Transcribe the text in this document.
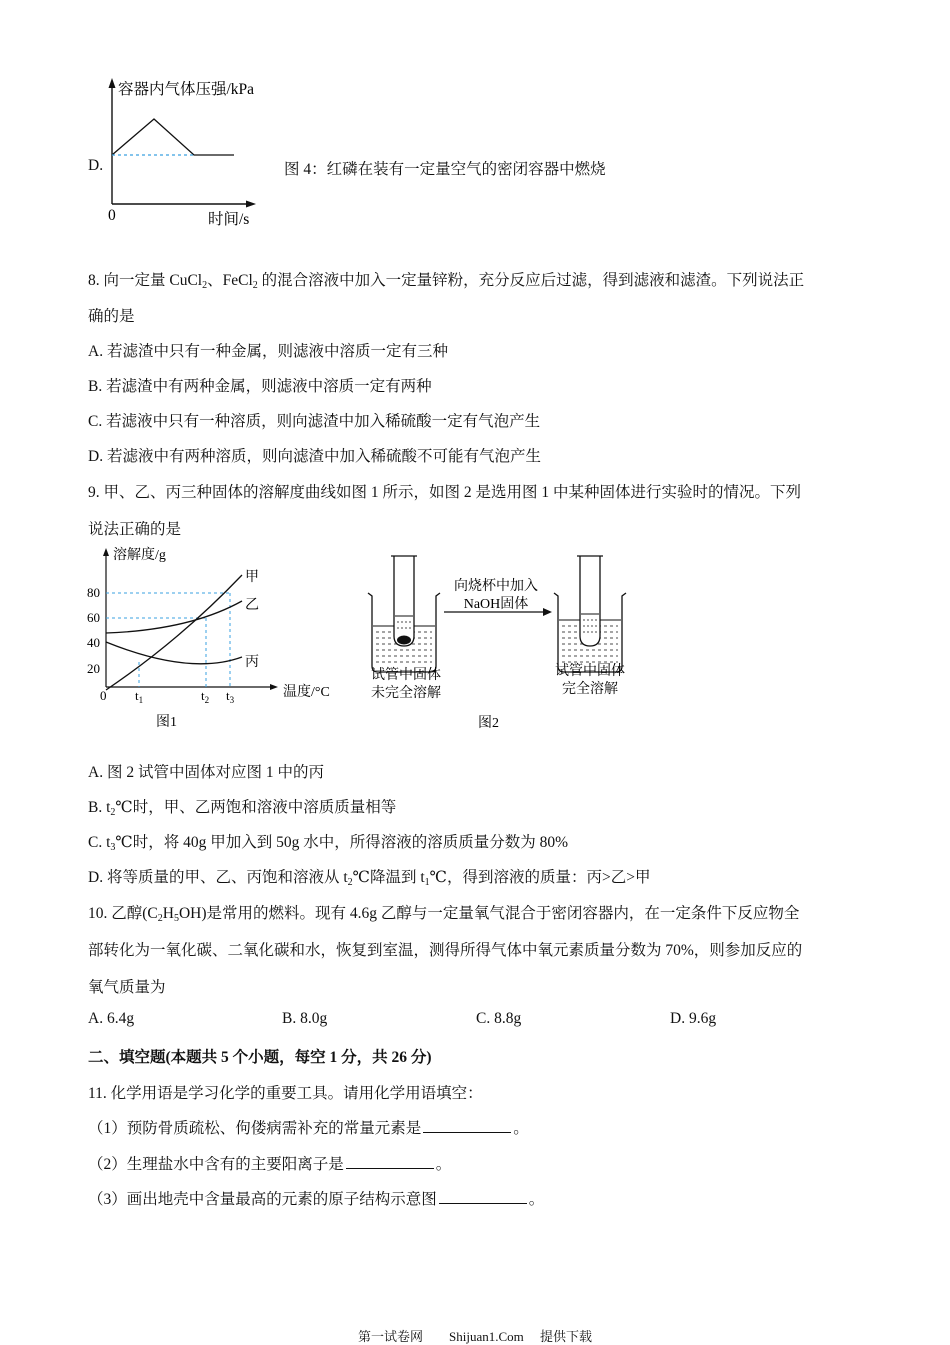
D.
容器内气体压强/kPa
0	时间/s
图 4：红磷在装有一定量空气的密闭容器中燃烧
8. 向一定量 CuCl$_2$、FeCl$_2$ 的混合溶液中加入一定量锌粉，充分反应后过滤，得到滤液和滤渣。下列说法正
确的是
A. 若滤渣中只有一种金属，则滤液中溶质一定有三种
B. 若滤渣中有两种金属，则滤液中溶质一定有两种
C. 若滤液中只有一种溶质，则向滤渣中加入稀硫酸一定有气泡产生
D. 若滤液中有两种溶质，则向滤渣中加入稀硫酸不可能有气泡产生
9. 甲、乙、丙三种固体的溶解度曲线如图 1 所示，如图 2 是选用图 1 中某种固体进行实验时的情况。下列
说法正确的是
溶解度/g
温度/°C
0
80
60
40
20
甲
乙
丙
$t_1$	$t_2$ $t_3$
图1
向烧杯中加入
NaOH固体
试管中固体
未完全溶解
试管中固体
完全溶解
图2
A. 图 2 试管中固体对应图 1 中的丙
B. $t_2℃$时，甲、乙两饱和溶液中溶质质量相等
C. $t_3℃$时，将 40g 甲加入到 50g 水中，所得溶液的溶质质量分数为 80%
D. 将等质量的甲、乙、丙饱和溶液从 $t_2℃$降温到 $t_1℃$，得到溶液的质量：丙>乙>甲
10. 乙醇$(C_2H_5OH)$是常用的燃料。现有 4.6g 乙醇与一定量氧气混合于密闭容器内，在一定条件下反应物全
部转化为一氧化碳、二氧化碳和水，恢复到室温，测得所得气体中氧元素质量分数为 70%，则参加反应的
氧气质量为
A. 6.4g	B. 8.0g	C. 8.8g	D. 9.6g
二、填空题(本题共 5 个小题，每空 1 分，共 26 分)
11. 化学用语是学习化学的重要工具。请用化学用语填空：
（1）预防骨质疏松、佝偻病需补充的常量元素是	。
（2）生理盐水中含有的主要阳离子是	。
（3）画出地壳中含量最高的元素的原子结构示意图	。
第一试卷网　　Shijuan1.Com　 提供下载
